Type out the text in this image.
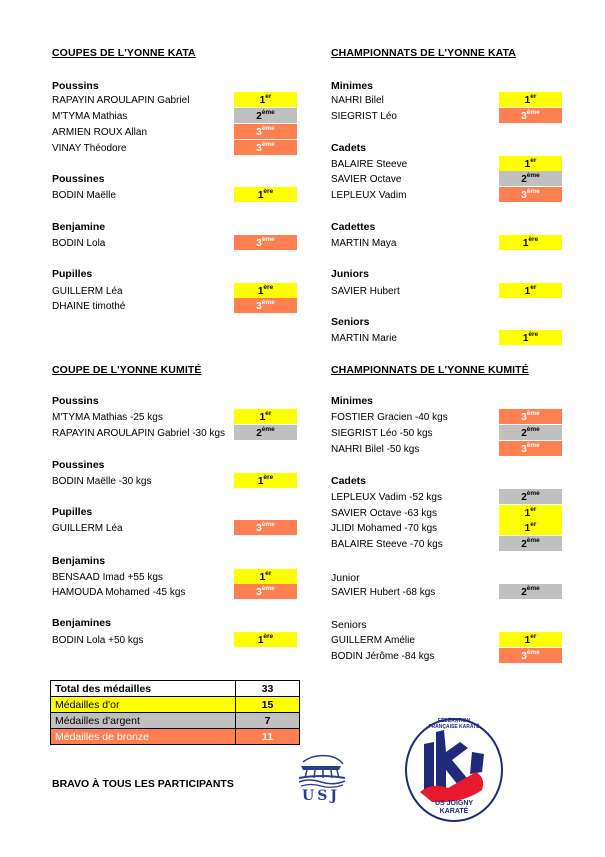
COUPES DE L'YONNE KATA
Poussins
RAPAYIN AROULAPIN Gabriel	1er
M'TYMA Mathias	2ème
ARMIEN ROUX Allan	3ème
VINAY Théodore	3ème
Poussines
BODIN Maëlle	1ère
Benjamine
BODIN Lola	3ème
Pupilles
GUILLERM Léa	1ère
DHAINE timothé	3ème
COUPE DE L'YONNE KUMITÉ
Poussins
M'TYMA Mathias -25 kgs	1er
RAPAYIN AROULAPIN Gabriel -30 kgs	2ème
Poussines
BODIN Maëlle -30 kgs	1ère
Pupilles
GUILLERM Léa	3ème
Benjamins
BENSAAD Imad +55 kgs	1er
HAMOUDA Mohamed -45 kgs	3ème
Benjamines
BODIN Lola +50 kgs	1ère
CHAMPIONNATS DE L'YONNE KATA
Minimes
NAHRI Bilel	1er
SIEGRIST Léo	3ème
Cadets
BALAIRE Steeve	1er
SAVIER Octave	2ème
LEPLEUX Vadim	3ème
Cadettes
MARTIN Maya	1ère
Juniors
SAVIER Hubert	1er
Seniors
MARTIN Marie	1ère
CHAMPIONNATS DE L'YONNE KUMITÉ
Minimes
FOSTIER Gracien -40 kgs	3ème
SIEGRIST Léo -50 kgs	2ème
NAHRI Bilel -50 kgs	3ème
Cadets
LEPLEUX Vadim -52 kgs	2ème
SAVIER Octave -63 kgs	1er
JLIDI Mohamed -70 kgs	1er
BALAIRE Steeve -70 kgs	2ème
Junior
SAVIER Hubert -68 kgs	2ème
Seniors
GUILLERM Amélie	1er
BODIN Jérôme -84 kgs	3ème
Total des médailles	33
Médailles d'or	15
Médailles d'argent	7
Médailles de bronze	11
BRAVO À TOUS LES PARTICIPANTS
USJ
FÉDÉRATION FRANÇAISE KARATÉ
US JOIGNY KARATÉ
